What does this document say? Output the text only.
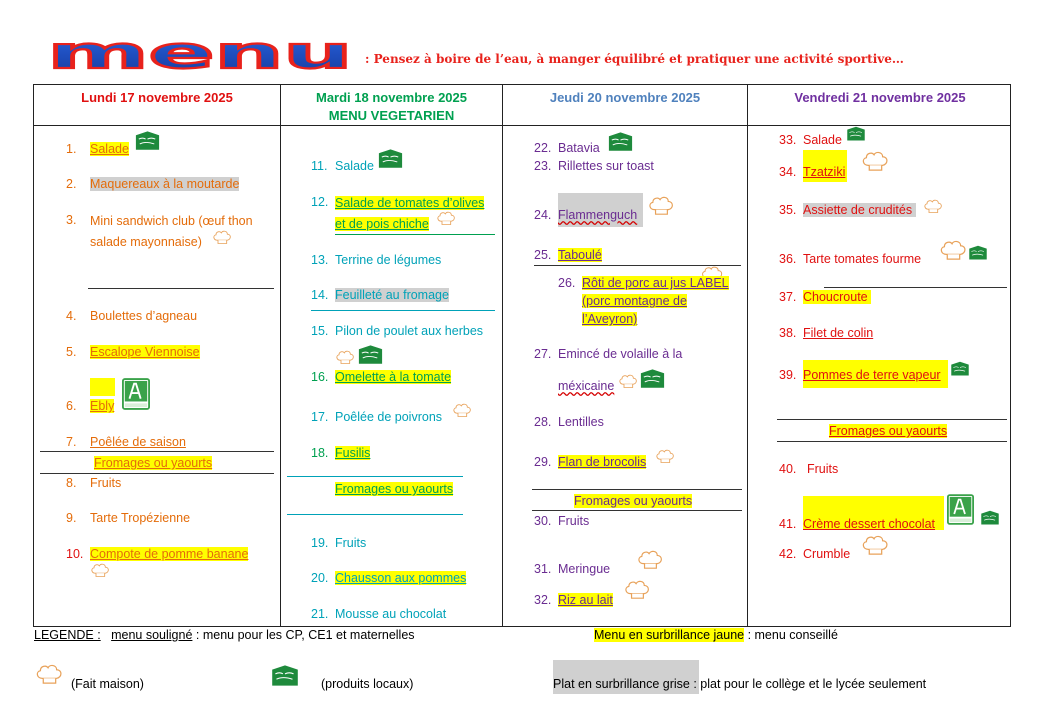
menu : Pensez à boire de l’eau, à manger équilibré et pratiquer une activité sportive…
Lundi 17 novembre 2025	Mardi 18 novembre 2025
MENU VEGETARIEN
Jeudi 20 novembre 2025	Vendredi 21 novembre 2025
1. Salade
2. Maquereaux à la moutarde
3.	Mini sandwich club (œuf thon salade mayonnaise)
4. Boulettes d’agneau
5. Escalope Viennoise
6. Ebly
7. Poêlée de saison
Fromages ou yaourts
8. Fruits
9. Tarte Tropézienne
10. Compote de pomme banane
11. Salade
12. Salade de tomates d’olives et de pois chiche
13. Terrine de légumes
14. Feuilleté au fromage
15. Pilon de poulet aux herbes
16. Omelette à la tomate
17. Poêlée de poivrons
18. Fusilis
Fromages ou yaourts
19. Fruits
20. Chausson aux pommes
21. Mousse au chocolat
22. Batavia
23. Rillettes sur toast
24. Flammenguch
25. Taboulé
26. Rôti de porc au jus LABEL (porc montagne de l’Aveyron)
27. Emincé de volaille à la
méxicaine
28. Lentilles
29. Flan de brocolis
Fromages ou yaourts
30. Fruits
31. Meringue
32. Riz au lait
33. Salade
34. Tzatziki
35. Assiette de crudités
36. Tarte tomates fourme
37. Choucroute
38. Filet de colin
39. Pommes de terre vapeur
Fromages ou yaourts
40. Fruits
41. Crème dessert chocolat
42. Crumble
LEGENDE : menu souligné : menu pour les CP, CE1 et maternelles	Menu en surbrillance jaune : menu conseillé
(Fait maison)	(produits locaux)	Plat en surbrillance grise : plat pour le collège et le lycée seulement
